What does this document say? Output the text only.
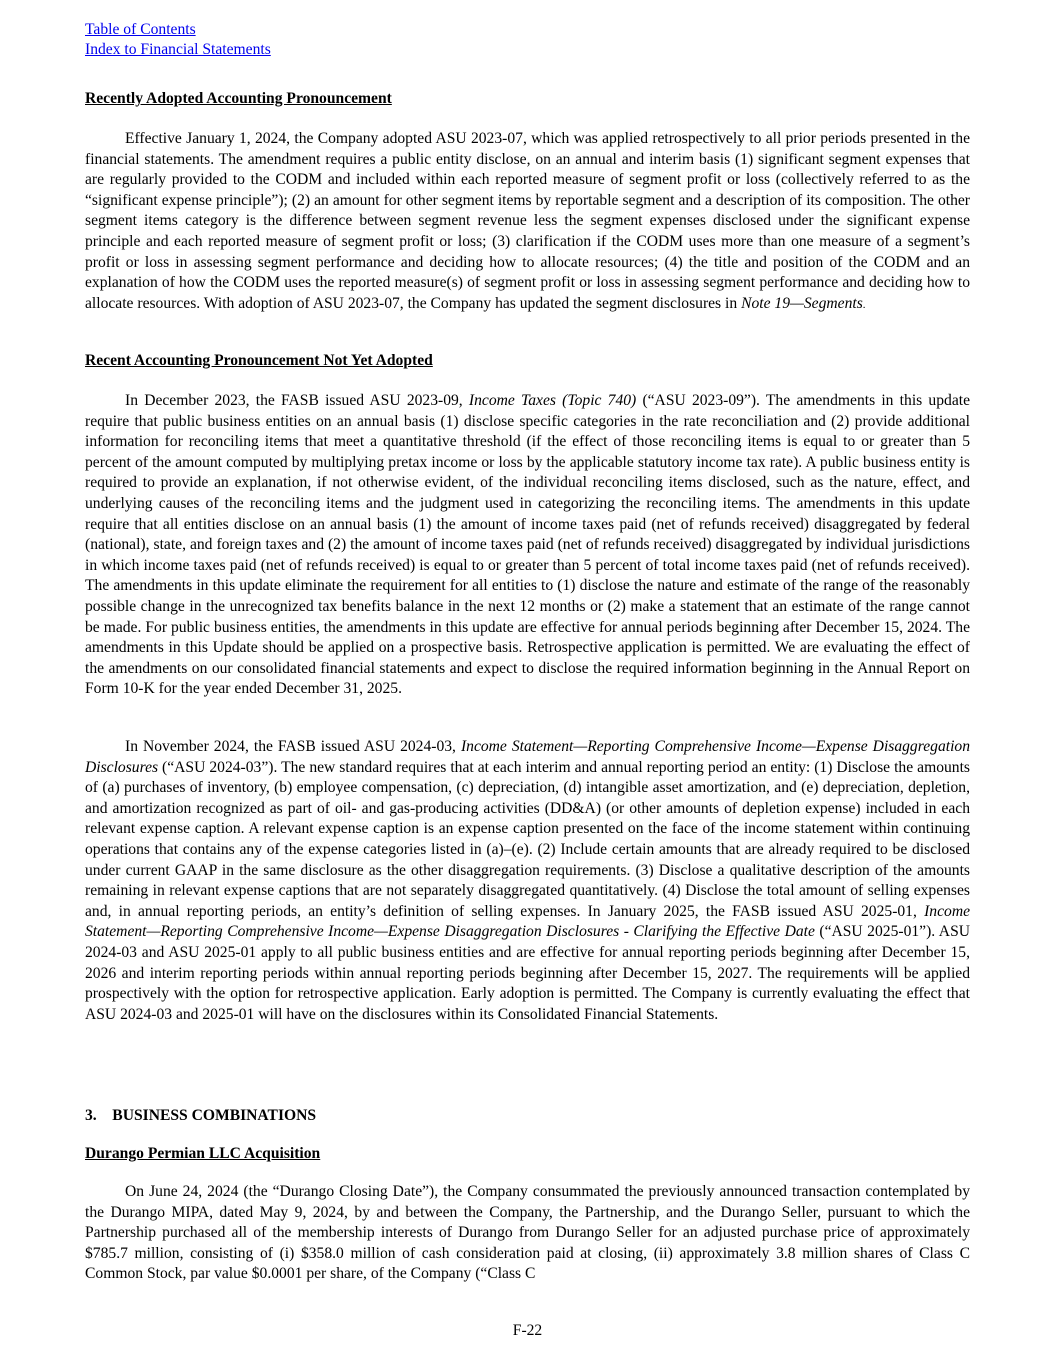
Table of Contents
Index to Financial Statements
Recently Adopted Accounting Pronouncement
Effective January 1, 2024, the Company adopted ASU 2023-07, which was applied retrospectively to all prior periods presented in the financial statements. The amendment requires a public entity disclose, on an annual and interim basis (1) significant segment expenses that are regularly provided to the CODM and included within each reported measure of segment profit or loss (collectively referred to as the “significant expense principle”); (2) an amount for other segment items by reportable segment and a description of its composition. The other segment items category is the difference between segment revenue less the segment expenses disclosed under the significant expense principle and each reported measure of segment profit or loss; (3) clarification if the CODM uses more than one measure of a segment’s profit or loss in assessing segment performance and deciding how to allocate resources; (4) the title and position of the CODM and an explanation of how the CODM uses the reported measure(s) of segment profit or loss in assessing segment performance and deciding how to allocate resources. With adoption of ASU 2023-07, the Company has updated the segment disclosures in Note 19—Segments.
Recent Accounting Pronouncement Not Yet Adopted
In December 2023, the FASB issued ASU 2023-09, Income Taxes (Topic 740) (“ASU 2023-09”). The amendments in this update require that public business entities on an annual basis (1) disclose specific categories in the rate reconciliation and (2) provide additional information for reconciling items that meet a quantitative threshold (if the effect of those reconciling items is equal to or greater than 5 percent of the amount computed by multiplying pretax income or loss by the applicable statutory income tax rate). A public business entity is required to provide an explanation, if not otherwise evident, of the individual reconciling items disclosed, such as the nature, effect, and underlying causes of the reconciling items and the judgment used in categorizing the reconciling items. The amendments in this update require that all entities disclose on an annual basis (1) the amount of income taxes paid (net of refunds received) disaggregated by federal (national), state, and foreign taxes and (2) the amount of income taxes paid (net of refunds received) disaggregated by individual jurisdictions in which income taxes paid (net of refunds received) is equal to or greater than 5 percent of total income taxes paid (net of refunds received). The amendments in this update eliminate the requirement for all entities to (1) disclose the nature and estimate of the range of the reasonably possible change in the unrecognized tax benefits balance in the next 12 months or (2) make a statement that an estimate of the range cannot be made. For public business entities, the amendments in this update are effective for annual periods beginning after December 15, 2024. The amendments in this Update should be applied on a prospective basis. Retrospective application is permitted. We are evaluating the effect of the amendments on our consolidated financial statements and expect to disclose the required information beginning in the Annual Report on Form 10-K for the year ended December 31, 2025.
In November 2024, the FASB issued ASU 2024-03, Income Statement—Reporting Comprehensive Income—Expense Disaggregation Disclosures (“ASU 2024-03”). The new standard requires that at each interim and annual reporting period an entity: (1) Disclose the amounts of (a) purchases of inventory, (b) employee compensation, (c) depreciation, (d) intangible asset amortization, and (e) depreciation, depletion, and amortization recognized as part of oil- and gas-producing activities (DD&A) (or other amounts of depletion expense) included in each relevant expense caption. A relevant expense caption is an expense caption presented on the face of the income statement within continuing operations that contains any of the expense categories listed in (a)–(e). (2) Include certain amounts that are already required to be disclosed under current GAAP in the same disclosure as the other disaggregation requirements. (3) Disclose a qualitative description of the amounts remaining in relevant expense captions that are not separately disaggregated quantitatively. (4) Disclose the total amount of selling expenses and, in annual reporting periods, an entity’s definition of selling expenses. In January 2025, the FASB issued ASU 2025-01, Income Statement—Reporting Comprehensive Income—Expense Disaggregation Disclosures - Clarifying the Effective Date (“ASU 2025-01”). ASU 2024-03 and ASU 2025-01 apply to all public business entities and are effective for annual reporting periods beginning after December 15, 2026 and interim reporting periods within annual reporting periods beginning after December 15, 2027. The requirements will be applied prospectively with the option for retrospective application. Early adoption is permitted. The Company is currently evaluating the effect that ASU 2024-03 and 2025-01 will have on the disclosures within its Consolidated Financial Statements.
3.    BUSINESS COMBINATIONS
Durango Permian LLC Acquisition
On June 24, 2024 (the “Durango Closing Date”), the Company consummated the previously announced transaction contemplated by the Durango MIPA, dated May 9, 2024, by and between the Company, the Partnership, and the Durango Seller, pursuant to which the Partnership purchased all of the membership interests of Durango from Durango Seller for an adjusted purchase price of approximately $785.7 million, consisting of (i) $358.0 million of cash consideration paid at closing, (ii) approximately 3.8 million shares of Class C Common Stock, par value $0.0001 per share, of the Company (“Class C
F-22
